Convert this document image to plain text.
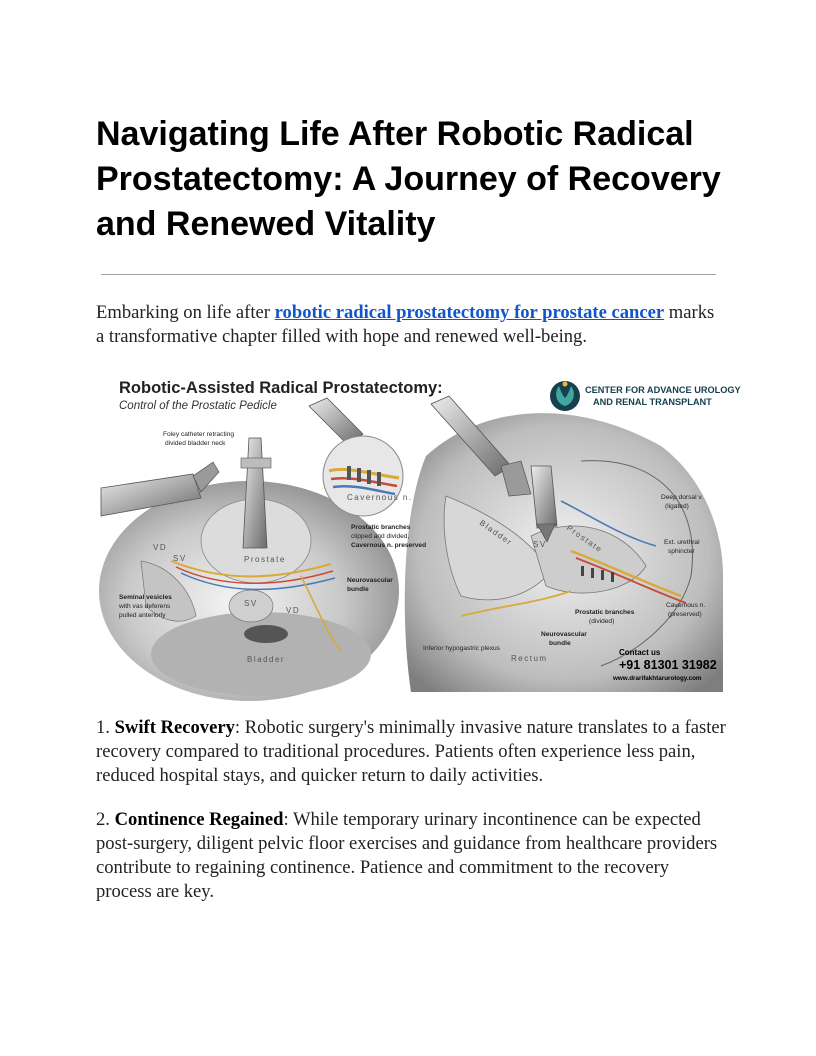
Navigating Life After Robotic Radical Prostatectomy: A Journey of Recovery and Renewed Vitality

Embarking on life after robotic radical prostatectomy for prostate cancer marks a transformative chapter filled with hope and renewed well-being.

Cavernous n.
Prostate
Bladder
SV
SV
VD
VD
Bladder	Prostate
SV
Rectum
Robotic-Assisted Radical Prostatectomy:
Control of the Prostatic Pedicle
CENTER FOR ADVANCE UROLOGY
AND RENAL TRANSPLANT
Foley catheter retracting
divided bladder neck
Prostatic branches
clipped and divided,
Cavernous n. preserved
Neurovascular
bundle
Seminal vesicles
with vas deferens
pulled anteriorly
Deep dorsal v.
(ligated)
Ext. urethral
sphincter
Cavernous n.
(preserved)
Prostatic branches
(divided)
Neurovascular
bundle
Inferior hypogastric plexus	Contact us
+91 81301 31982
www.drarifakhtarurology.com

1. Swift Recovery: Robotic surgery's minimally invasive nature translates to a faster recovery compared to traditional procedures. Patients often experience less pain, reduced hospital stays, and quicker return to daily activities.

2. Continence Regained: While temporary urinary incontinence can be expected post-surgery, diligent pelvic floor exercises and guidance from healthcare providers contribute to regaining continence. Patience and commitment to the recovery process are key.
